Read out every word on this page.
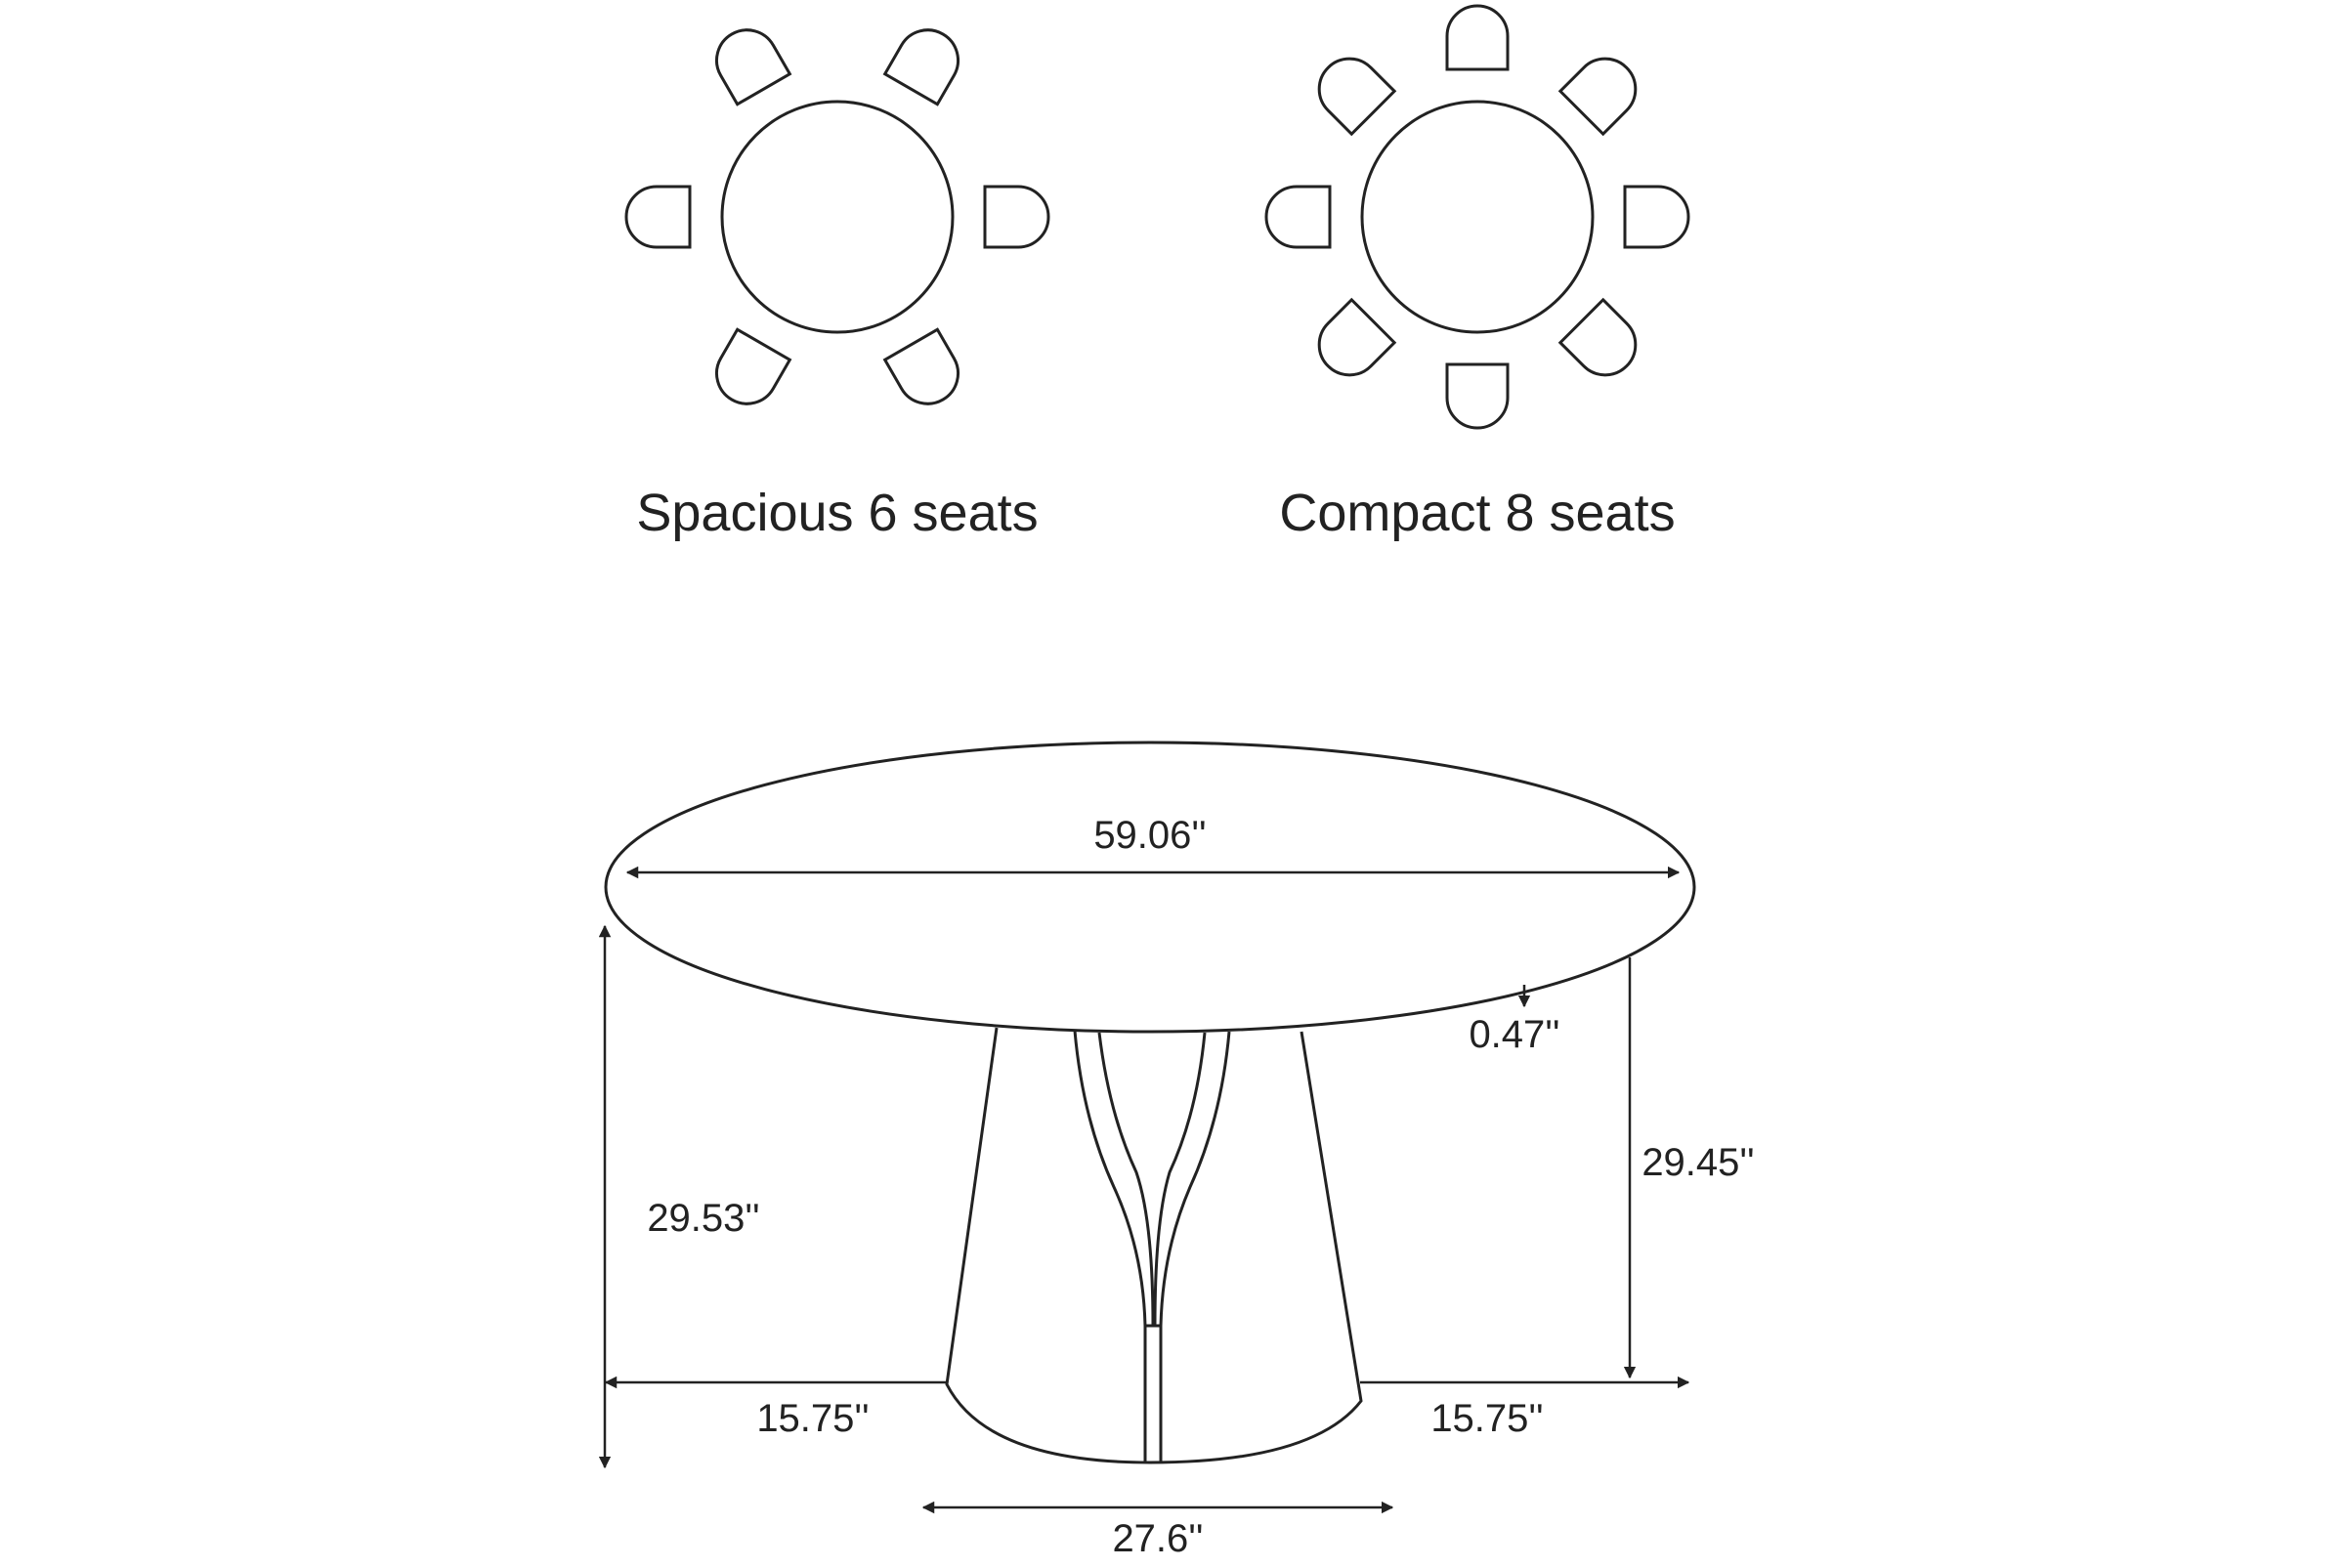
Spacious 6 seats	Compact 8 seats
59.06''
0.47''
29.53''
29.45''
15.75''	15.75''
27.6''
